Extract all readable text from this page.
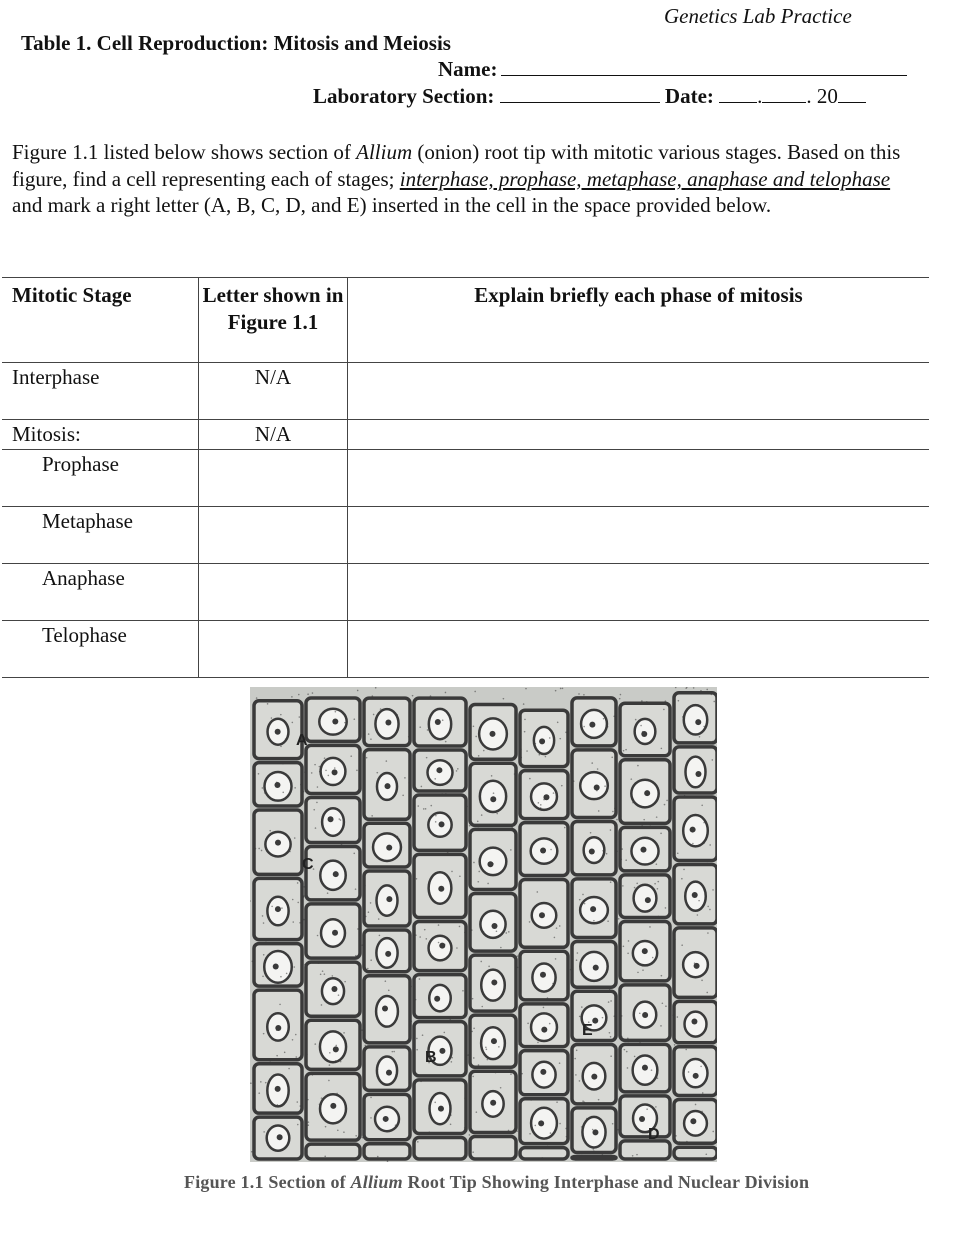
Genetics Lab Practice
Table 1. Cell Reproduction: Mitosis and Meiosis
Name:
Laboratory Section:	Date: . . 20
Figure 1.1 listed below shows section of Allium (onion) root tip with mitotic various stages. Based on this figure, find a cell representing each of stages; interphase, prophase, metaphase, anaphase and telophase and mark a right letter (A, B, C, D, and E) inserted in the cell in the space provided below.
Mitotic Stage	Letter shown in Figure 1.1	Explain briefly each phase of mitosis
Interphase	N/A	
Mitosis:	N/A	
Prophase		
Metaphase		
Anaphase		
Telophase		
A
B
C
D
E
Figure 1.1 Section of Allium Root Tip Showing Interphase and Nuclear Division
